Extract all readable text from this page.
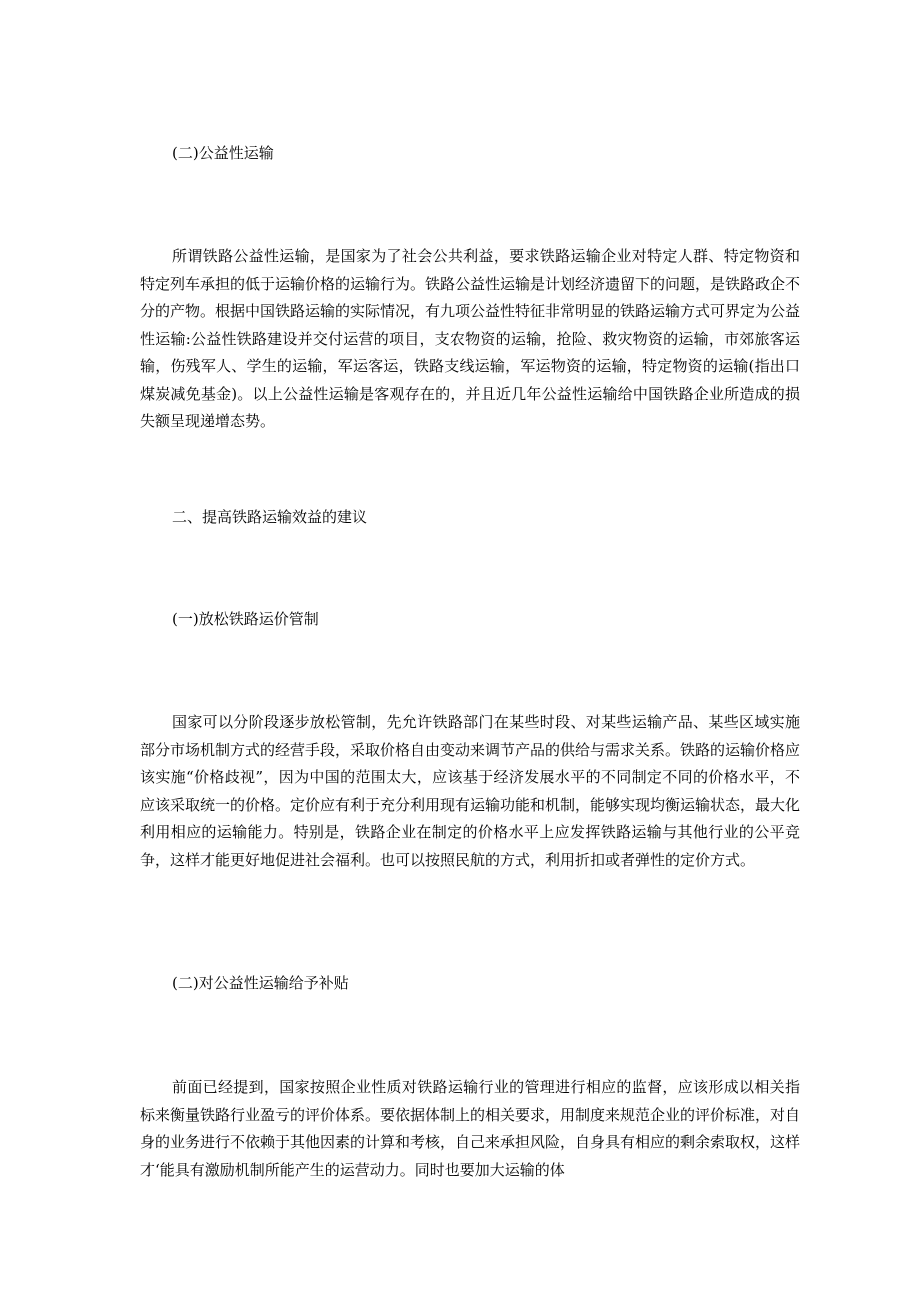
(二)公益性运输

所谓铁路公益性运输，是国家为了社会公共利益，要求铁路运输企业对特定人群、特定物资和特定列车承担的低于运输价格的运输行为。铁路公益性运输是计划经济遗留下的问题，是铁路政企不分的产物。根据中国铁路运输的实际情况，有九项公益性特征非常明显的铁路运输方式可界定为公益性运输:公益性铁路建设并交付运营的项目，支农物资的运输，抢险、救灾物资的运输，市郊旅客运输，伤残军人、学生的运输，军运客运，铁路支线运输，军运物资的运输，特定物资的运输(指出口煤炭减免基金)。以上公益性运输是客观存在的，并且近几年公益性运输给中国铁路企业所造成的损失额呈现递增态势。

二、提高铁路运输效益的建议
(一)放松铁路运价管制

国家可以分阶段逐步放松管制，先允许铁路部门在某些时段、对某些运输产品、某些区域实施部分市场机制方式的经营手段，采取价格自由变动来调节产品的供给与需求关系。铁路的运输价格应该实施“价格歧视”，因为中国的范围太大，应该基于经济发展水平的不同制定不同的价格水平，不应该采取统一的价格。定价应有利于充分利用现有运输功能和机制，能够实现均衡运输状态，最大化利用相应的运输能力。特别是，铁路企业在制定的价格水平上应发挥铁路运输与其他行业的公平竞争，这样才能更好地促进社会福利。也可以按照民航的方式，利用折扣或者弹性的定价方式。

(二)对公益性运输给予补贴

前面已经提到，国家按照企业性质对铁路运输行业的管理进行相应的监督，应该形成以相关指标来衡量铁路行业盈亏的评价体系。要依据体制上的相关要求，用制度来规范企业的评价标准，对自身的业务进行不依赖于其他因素的计算和考核，自己来承担风险，自身具有相应的剩余索取权，这样才‘能具有激励机制所能产生的运营动力。同时也要加大运输的体
